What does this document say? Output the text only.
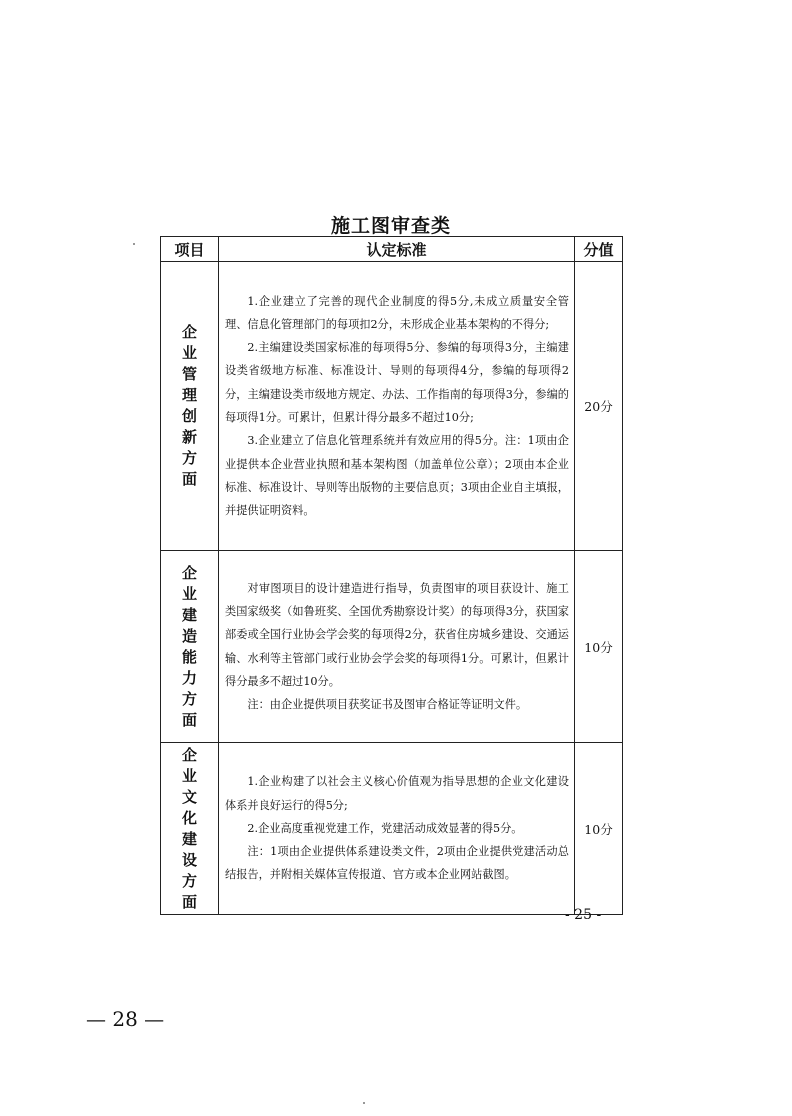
施工图审查类
项目	认定标准	分值
企业管理创新方面	1.企业建立了完善的现代企业制度的得5分,未成立质量安全管理、信息化管理部门的每项扣2分，未形成企业基本架构的不得分;

2.主编建设类国家标准的每项得5分、参编的每项得3分，主编建设类省级地方标准、标准设计、导则的每项得4分，参编的每项得2分，主编建设类市级地方规定、办法、工作指南的每项得3分，参编的每项得1分。可累计，但累计得分最多不超过10分;

3.企业建立了信息化管理系统并有效应用的得5分。注：1项由企业提供本企业营业执照和基本架构图（加盖单位公章）；2项由本企业标准、标准设计、导则等出版物的主要信息页；3项由企业自主填报，并提供证明资料。	20分
企业建造能力方面	对审图项目的设计建造进行指导，负责图审的项目获设计、施工类国家级奖（如鲁班奖、全国优秀勘察设计奖）的每项得3分，获国家部委或全国行业协会学会奖的每项得2分，获省住房城乡建设、交通运输、水利等主管部门或行业协会学会奖的每项得1分。可累计，但累计得分最多不超过10分。

注：由企业提供项目获奖证书及图审合格证等证明文件。	10分
企业文化建设方面	1.企业构建了以社会主义核心价值观为指导思想的企业文化建设体系并良好运行的得5分;

2.企业高度重视党建工作，党建活动成效显著的得5分。

注：1项由企业提供体系建设类文件，2项由企业提供党建活动总结报告，并附相关媒体宣传报道、官方或本企业网站截图。	10分
- 25 -
— 28 —
